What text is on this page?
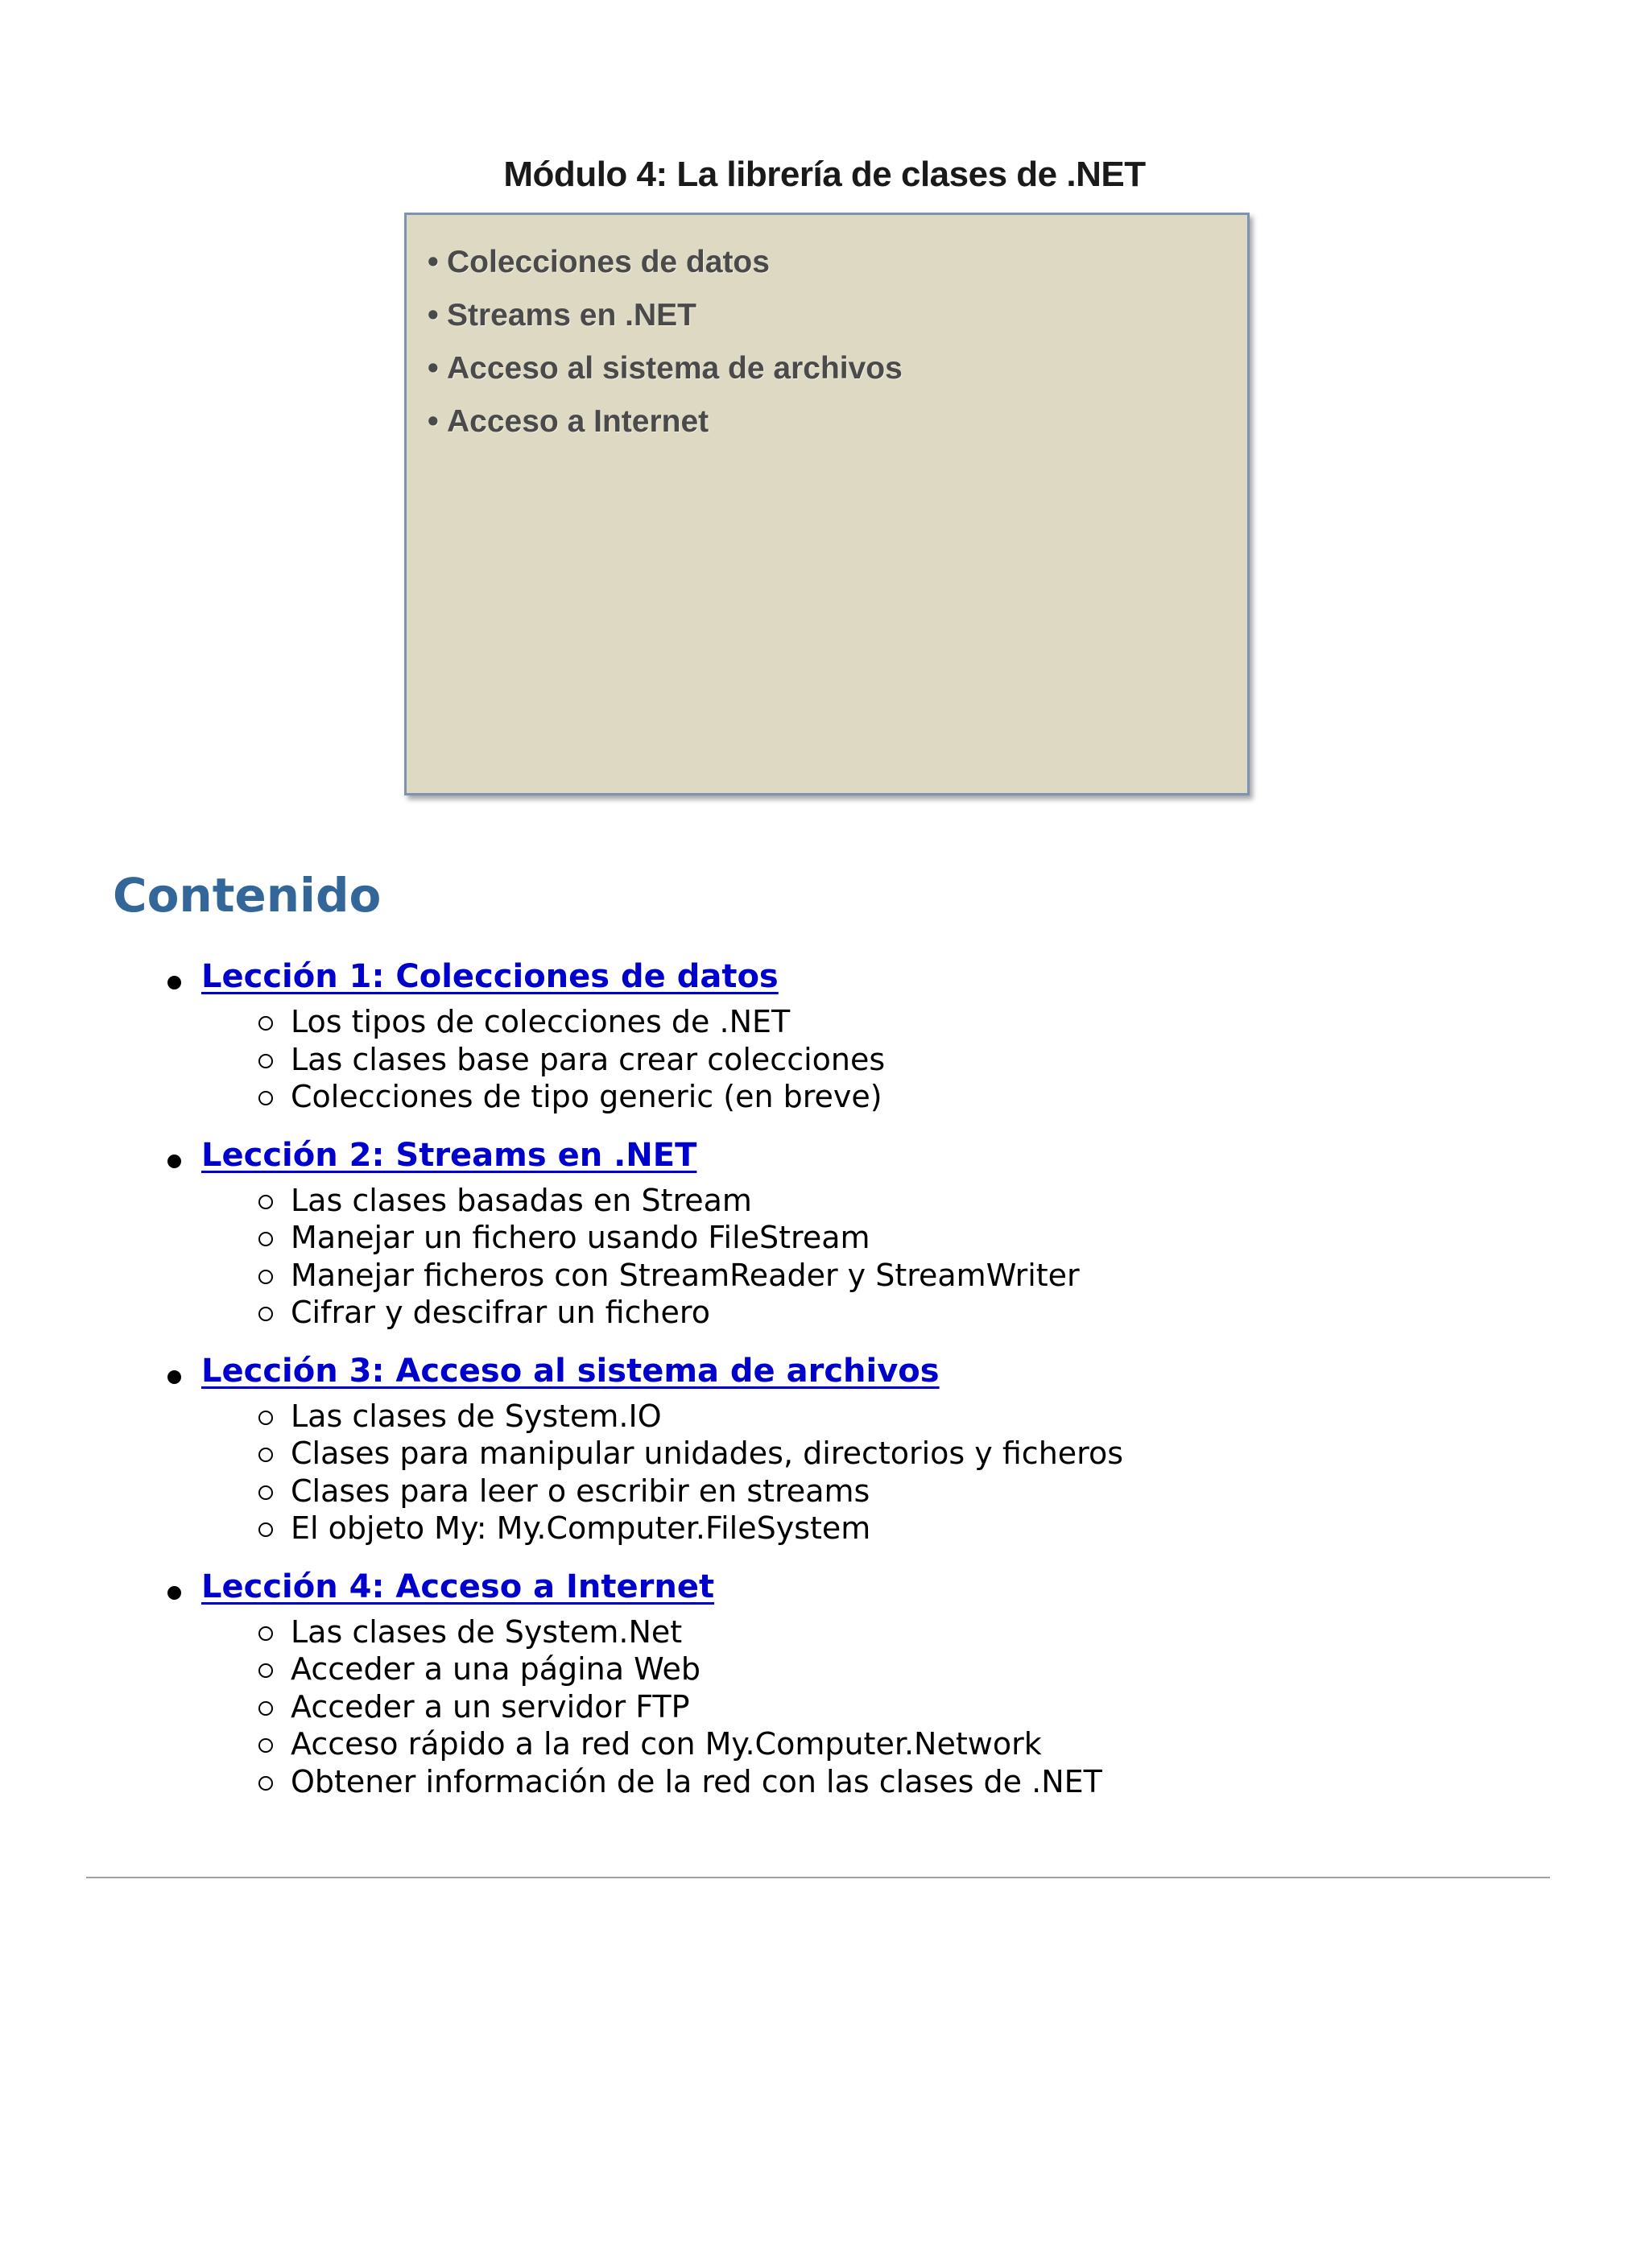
Módulo 4: La librería de clases de .NET
• Colecciones de datos
• Streams en .NET
• Acceso al sistema de archivos
• Acceso a Internet
Contenido
Lección 1: Colecciones de datos
Los tipos de colecciones de .NET
Las clases base para crear colecciones
Colecciones de tipo generic (en breve)
Lección 2: Streams en .NET
Las clases basadas en Stream
Manejar un fichero usando FileStream
Manejar ficheros con StreamReader y StreamWriter
Cifrar y descifrar un fichero
Lección 3: Acceso al sistema de archivos
Las clases de System.IO
Clases para manipular unidades, directorios y ficheros
Clases para leer o escribir en streams
El objeto My: My.Computer.FileSystem
Lección 4: Acceso a Internet
Las clases de System.Net
Acceder a una página Web
Acceder a un servidor FTP
Acceso rápido a la red con My.Computer.Network
Obtener información de la red con las clases de .NET
